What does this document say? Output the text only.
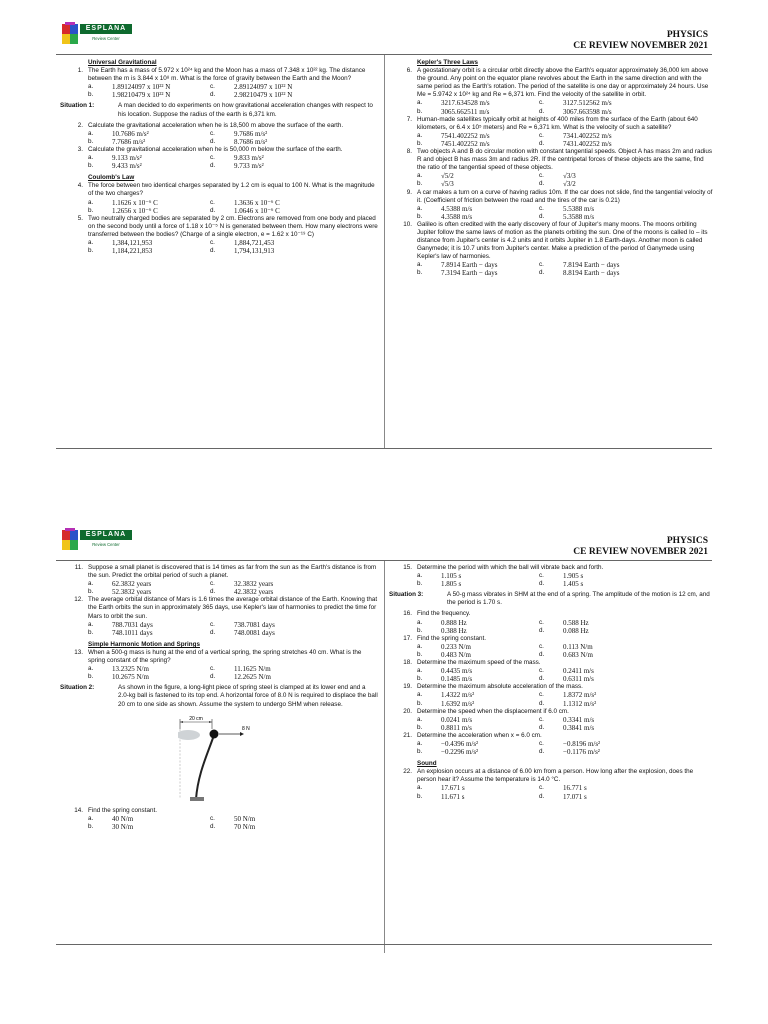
ESPLANA
Review Center	PHYSICS
CE REVIEW NOVEMBER 2021
Universal Gravitational
1. The Earth has a mass of 5.972 x 10²⁴ kg and the Moon has a mass of 7.348 x 10²² kg. The distance between the m is 3.844 x 10⁸ m. What is the force of gravity between the Earth and the Moon?
a.	1.89124097 x 10²² N	c.	2.89124097 x 10²² N
b.	1.98210479 x 10²² N	d.	2.98210479 x 10²² N
Situation 1:	A man decided to do experiments on how gravitational acceleration changes with respect to his location. Suppose the radius of the earth is 6,371 km.
2. Calculate the gravitational acceleration when he is 18,500 m above the surface of the earth.
a.	10.7686 m/s²	c.	9.7686 m/s²
b.	7.7686 m/s²	d.	8.7686 m/s²
3. Calculate the gravitational acceleration when he is 50,000 m below the surface of the earth.
a.	9.133 m/s²	c.	9.833 m/s²
b.	9.433 m/s²	d.	9.733 m/s²
Coulomb's Law
4. The force between two identical charges separated by 1.2 cm is equal to 100 N. What is the magnitude of the two charges?
a.	1.1626 x 10⁻⁶ C	c.	1.3636 x 10⁻⁶ C
b.	1.2656 x 10⁻⁶ C	d.	1.0646 x 10⁻⁶ C
5. Two neutrally charged bodies are separated by 2 cm. Electrons are removed from one body and placed on the second body until a force of 1.18 x 10⁻⁵ N is generated between them. How many electrons were transferred between the bodies? (Charge of a single electron, e = 1.62 x 10⁻¹⁹ C)
a.	1,384,121,953	c.	1,884,721,453
b.	1,184,221,853	d.	1,794,131,913
Kepler's Three Laws
6. A geostationary orbit is a circular orbit directly above the Earth's equator approximately 36,000 km above the ground. Any point on the equator plane revolves about the Earth in the same direction and with the same period as the Earth's rotation. The period of the satellite is one day or approximately 24 hours. Use Me = 5.9742 x 10²⁴ kg and Re = 6,371 km. Find the velocity of the satellite in orbit.
a.	3217.634528 m/s	c.	3127.512562 m/s
b.	3065.662511 m/s	d.	3067.663598 m/s
7. Human-made satellites typically orbit at heights of 400 miles from the surface of the Earth (about 640 kilometers, or 6.4 x 10⁵ meters) and Re = 6,371 km. What is the velocity of such a satellite?
a.	7541.402252 m/s	c.	7341.402252 m/s
b.	7451.402252 m/s	d.	7431.402252 m/s
8. Two objects A and B do circular motion with constant tangential speeds. Object A has mass 2m and radius R and object B has mass 3m and radius 2R. If the centripetal forces of these objects are the same, find the ratio of the tangential speed of these objects.
a.	√5/2	c.	√3/3
b.	√5/3	d.	√3/2
9. A car makes a turn on a curve of having radius 10m. If the car does not slide, find the tangential velocity of it. (Coefficient of friction between the road and the tires of the car is 0.21)
a.	4.5388 m/s	c.	5.5388 m/s
b.	4.3588 m/s	d.	5.3588 m/s
10. Galileo is often credited with the early discovery of four of Jupiter's many moons. The moons orbiting Jupiter follow the same laws of motion as the planets orbiting the sun. One of the moons is called Io – its distance from Jupiter's center is 4.2 units and it orbits Jupiter in 1.8 Earth-days. Another moon is called Ganymede; it is 10.7 units from Jupiter's center. Make a prediction of the period of Ganymede using Kepler's law of harmonies.
a.	7.8914 Earth − days	c.	7.8194 Earth − days
b.	7.3194 Earth − days	d.	8.8194 Earth − days
ESPLANA
Review Center	PHYSICS
CE REVIEW NOVEMBER 2021
11. Suppose a small planet is discovered that is 14 times as far from the sun as the Earth's distance is from the sun. Predict the orbital period of such a planet.
a.	62.3832 years	c.	32.3832 years
b.	52.3832 years	d.	42.3832 years
12. The average orbital distance of Mars is 1.6 times the average orbital distance of the Earth. Knowing that the Earth orbits the sun in approximately 365 days, use Kepler's law of harmonies to predict the time for Mars to orbit the sun.
a.	788.7031 days	c.	738.7081 days
b.	748.1011 days	d.	748.0081 days
Simple Harmonic Motion and Springs
13. When a 500-g mass is hung at the end of a vertical spring, the spring stretches 40 cm. What is the spring constant of the spring?
a.	13.2325 N/m	c.	11.1625 N/m
b.	10.2675 N/m	d.	12.2625 N/m
Situation 2:	As shown in the figure, a long-light piece of spring steel is clamped at its lower end and a 2.0-kg ball is fastened to its top end. A horizontal force of 8.0 N is required to displace the ball 20 cm to one side as shown. Assume the system to undergo SHM when release.
20 cm
8 N
14. Find the spring constant.
a.	40 N/m	c.	50 N/m
b.	30 N/m	d.	70 N/m
15. Determine the period with which the ball will vibrate back and forth.
a.	1.105 s	c.	1.905 s
b.	1.805 s	d.	1.405 s
Situation 3:	A 50-g mass vibrates in SHM at the end of a spring. The amplitude of the motion is 12 cm, and the period is 1.70 s.
16. Find the frequency.
a.	0.888 Hz	c.	0.588 Hz
b.	0.388 Hz	d.	0.088 Hz
17. Find the spring constant.
a.	0.233 N/m	c.	0.113 N/m
b.	0.483 N/m	d.	0.683 N/m
18. Determine the maximum speed of the mass.
a.	0.4435 m/s	c.	0.2411 m/s
b.	0.1485 m/s	d.	0.6311 m/s
19. Determine the maximum absolute acceleration of the mass.
a.	1.4322 m/s²	c.	1.8372 m/s²
b.	1.6392 m/s²	d.	1.1312 m/s²
20. Determine the speed when the displacement if 6.0 cm.
a.	0.0241 m/s	c.	0.3341 m/s
b.	0.8811 m/s	d.	0.3841 m/s
21. Determine the acceleration when x = 6.0 cm.
a.	−0.4396 m/s²	c.	−0.8196 m/s²
b.	−0.2296 m/s²	d.	−0.1176 m/s²
Sound
22. An explosion occurs at a distance of 6.00 km from a person. How long after the explosion, does the person hear it? Assume the temperature is 14.0 °C.
a.	17.671 s	c.	16.771 s
b.	11.671 s	d.	17.071 s
